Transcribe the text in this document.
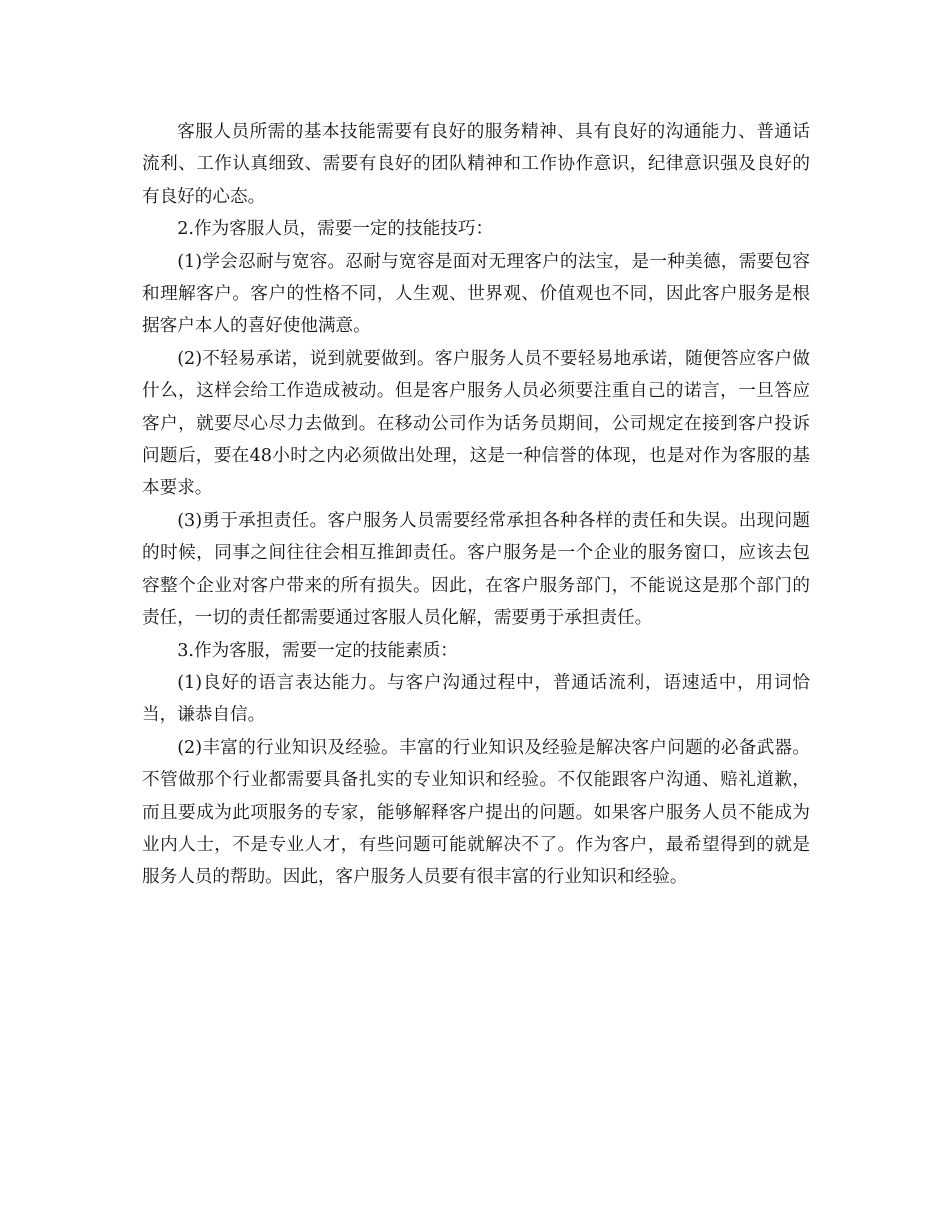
客服人员所需的基本技能需要有良好的服务精神、具有良好的沟通能力、普通话流利、工作认真细致、需要有良好的团队精神和工作协作意识，纪律意识强及良好的有良好的心态。

2.作为客服人员，需要一定的技能技巧：

(1)学会忍耐与宽容。忍耐与宽容是面对无理客户的法宝，是一种美德，需要包容和理解客户。客户的性格不同，人生观、世界观、价值观也不同，因此客户服务是根据客户本人的喜好使他满意。

(2)不轻易承诺，说到就要做到。客户服务人员不要轻易地承诺，随便答应客户做什么，这样会给工作造成被动。但是客户服务人员必须要注重自己的诺言，一旦答应客户，就要尽心尽力去做到。在移动公司作为话务员期间，公司规定在接到客户投诉问题后，要在48小时之内必须做出处理，这是一种信誉的体现，也是对作为客服的基本要求。

(3)勇于承担责任。客户服务人员需要经常承担各种各样的责任和失误。出现问题的时候，同事之间往往会相互推卸责任。客户服务是一个企业的服务窗口，应该去包容整个企业对客户带来的所有损失。因此，在客户服务部门，不能说这是那个部门的责任，一切的责任都需要通过客服人员化解，需要勇于承担责任。

3.作为客服，需要一定的技能素质：

(1)良好的语言表达能力。与客户沟通过程中，普通话流利，语速适中，用词恰当，谦恭自信。

(2)丰富的行业知识及经验。丰富的行业知识及经验是解决客户问题的必备武器。不管做那个行业都需要具备扎实的专业知识和经验。不仅能跟客户沟通、赔礼道歉，而且要成为此项服务的专家，能够解释客户提出的问题。如果客户服务人员不能成为业内人士，不是专业人才，有些问题可能就解决不了。作为客户，最希望得到的就是服务人员的帮助。因此，客户服务人员要有很丰富的行业知识和经验。
